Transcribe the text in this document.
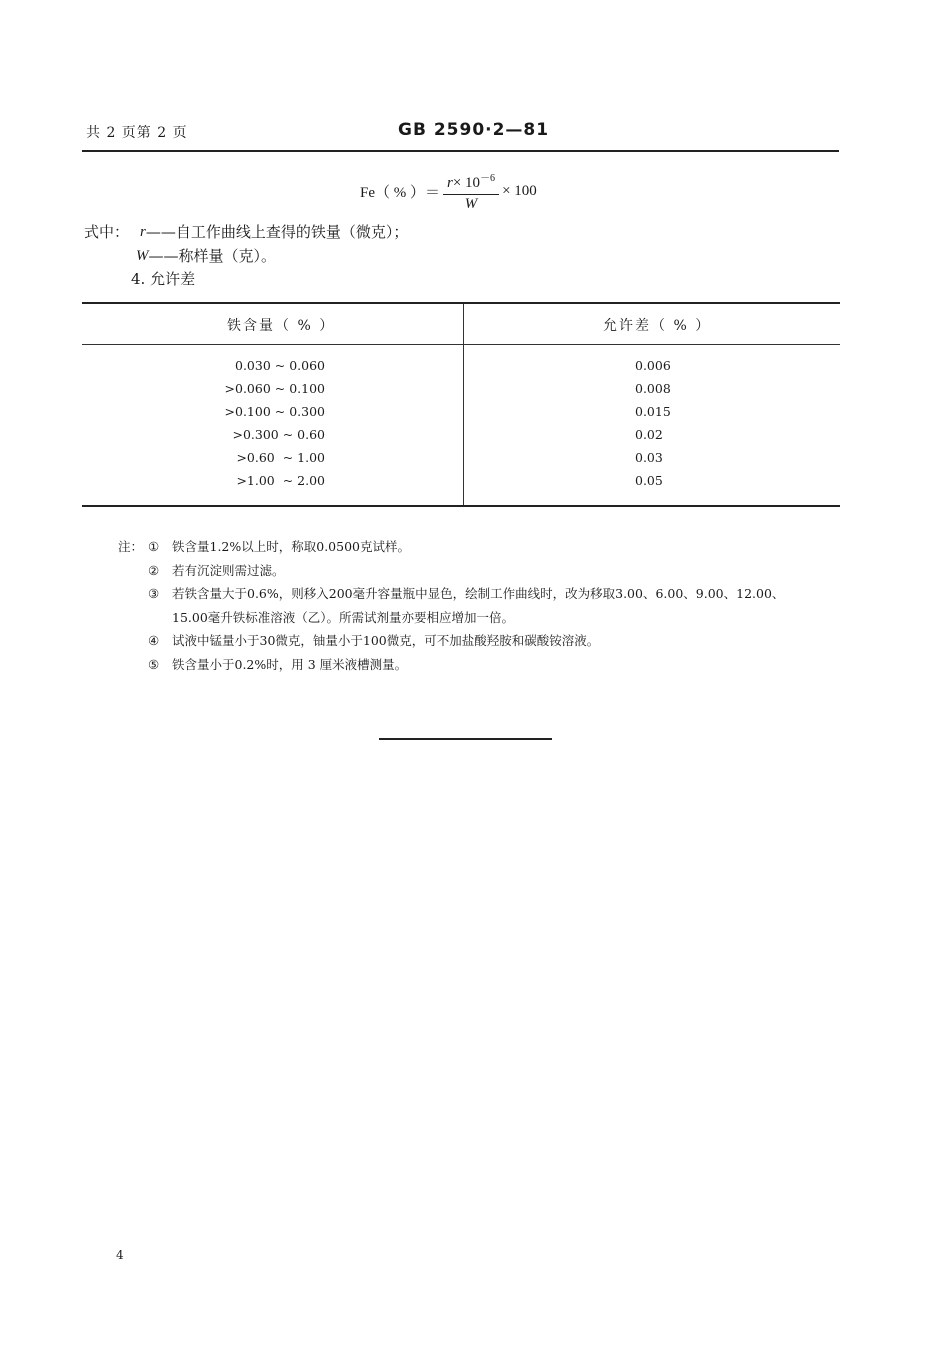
共 2 页第 2 页	GB 2590·2—81
Fe（ % ）＝ $\frac{r\times 10^{-6}}{W} \times 100$
式中： r ——自工作曲线上查得的铁量（微克）；
W ——称样量（克）。
4. 允许差
铁含量（ % ）	允许差（ % ）
0.030 ~ 0.060	0.006
>0.060 ~ 0.100	0.008
>0.100 ~ 0.300	0.015
>0.300 ~ 0.60	0.02
>0.60  ~ 1.00	0.03
>1.00  ~ 2.00	0.05
注： ①	铁含量1.2%以上时，称取0.0500克试样。
②	若有沉淀则需过滤。
③	若铁含量大于0.6%，则移入200毫升容量瓶中显色，绘制工作曲线时，改为移取3.00、6.00、9.00、12.00、
15.00毫升铁标准溶液（乙）。所需试剂量亦要相应增加一倍。
④	试液中锰量小于30微克，铀量小于100微克，可不加盐酸羟胺和碳酸铵溶液。
⑤	铁含量小于0.2%时，用 3 厘米液槽测量。
4
